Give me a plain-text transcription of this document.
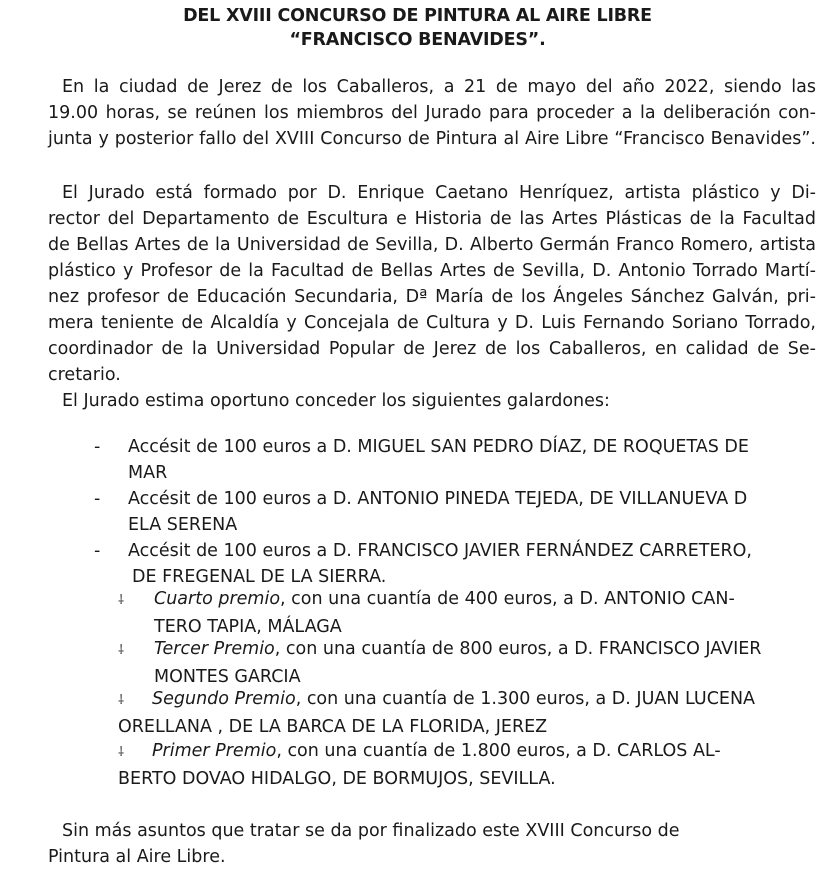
DEL XVIII CONCURSO DE PINTURA AL AIRE LIBRE
“FRANCISCO BENAVIDES”.
En la ciudad de Jerez de los Caballeros, a 21 de mayo del año 2022, siendo las
19.00 horas, se reúnen los miembros del Jurado para proceder a la deliberación con-
junta y posterior fallo del XVIII Concurso de Pintura al Aire Libre “Francisco Benavides”.
El Jurado está formado por D. Enrique Caetano Henríquez, artista plástico y Di-
rector del Departamento de Escultura e Historia de las Artes Plásticas de la Facultad
de Bellas Artes de la Universidad de Sevilla, D. Alberto Germán Franco Romero, artista
plástico y Profesor de la Facultad de Bellas Artes de Sevilla, D. Antonio Torrado Martí-
nez profesor de Educación Secundaria, Dª María de los Ángeles Sánchez Galván, pri-
mera teniente de Alcaldía y Concejala de Cultura y D. Luis Fernando Soriano Torrado,
coordinador de la Universidad Popular de Jerez de los Caballeros, en calidad de Se-
cretario.
El Jurado estima oportuno conceder los siguientes galardones:
-	Accésit de 100 euros a D. MIGUEL SAN PEDRO DÍAZ, DE ROQUETAS DE
MAR
-	Accésit de 100 euros a D. ANTONIO PINEDA TEJEDA, DE VILLANUEVA D
ELA SERENA
-	Accésit de 100 euros a D. FRANCISCO JAVIER FERNÁNDEZ CARRETERO,
DE FREGENAL DE LA SIERRA.
⸸ Cuarto premio, con una cuantía de 400 euros, a D. ANTONIO CAN-
TERO TAPIA, MÁLAGA
⸸ Tercer Premio, con una cuantía de 800 euros, a D. FRANCISCO JAVIER
MONTES GARCIA
⸸ Segundo Premio, con una cuantía de 1.300 euros, a D. JUAN LUCENA
ORELLANA , DE LA BARCA DE LA FLORIDA, JEREZ
⸸ Primer Premio, con una cuantía de 1.800 euros, a D. CARLOS AL-
BERTO DOVAO HIDALGO, DE BORMUJOS, SEVILLA.
Sin más asuntos que tratar se da por finalizado este XVIII Concurso de
Pintura al Aire Libre.
